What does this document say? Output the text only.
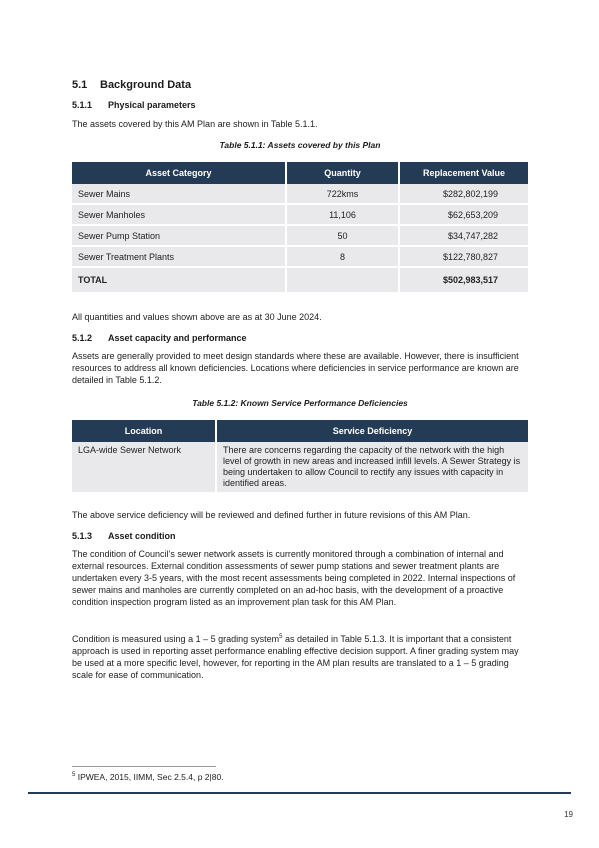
5.1 Background Data
5.1.1 Physical parameters

The assets covered by this AM Plan are shown in Table 5.1.1.

Table 5.1.1: Assets covered by this Plan
Asset Category	Quantity	Replacement Value
Sewer Mains	722kms	$282,802,199
Sewer Manholes	11,106	$62,653,209
Sewer Pump Station	50	$34,747,282
Sewer Treatment Plants	8	$122,780,827
TOTAL		$502,983,517

All quantities and values shown above are as at 30 June 2024.

5.1.2 Asset capacity and performance

Assets are generally provided to meet design standards where these are available. However, there is insufficient resources to address all known deficiencies. Locations where deficiencies in service performance are known are detailed in Table 5.1.2.

Table 5.1.2: Known Service Performance Deficiencies
Location	Service Deficiency
LGA-wide Sewer Network	There are concerns regarding the capacity of the network with the high level of growth in new areas and increased infill levels. A Sewer Strategy is being undertaken to allow Council to rectify any issues with capacity in identified areas.

The above service deficiency will be reviewed and defined further in future revisions of this AM Plan.

5.1.3 Asset condition

The condition of Council’s sewer network assets is currently monitored through a combination of internal and external resources. External condition assessments of sewer pump stations and sewer treatment plants are undertaken every 3-5 years, with the most recent assessments being completed in 2022. Internal inspections of sewer mains and manholes are currently completed on an ad-hoc basis, with the development of a proactive condition inspection program listed as an improvement plan task for this AM Plan.

Condition is measured using a 1 – 5 grading system$^5$ as detailed in Table 5.1.3. It is important that a consistent approach is used in reporting asset performance enabling effective decision support. A finer grading system may be used at a more specific level, however, for reporting in the AM plan results are translated to a 1 – 5 grading scale for ease of communication.

$^5$ IPWEA, 2015, IIMM, Sec 2.5.4, p 2|80.
19
